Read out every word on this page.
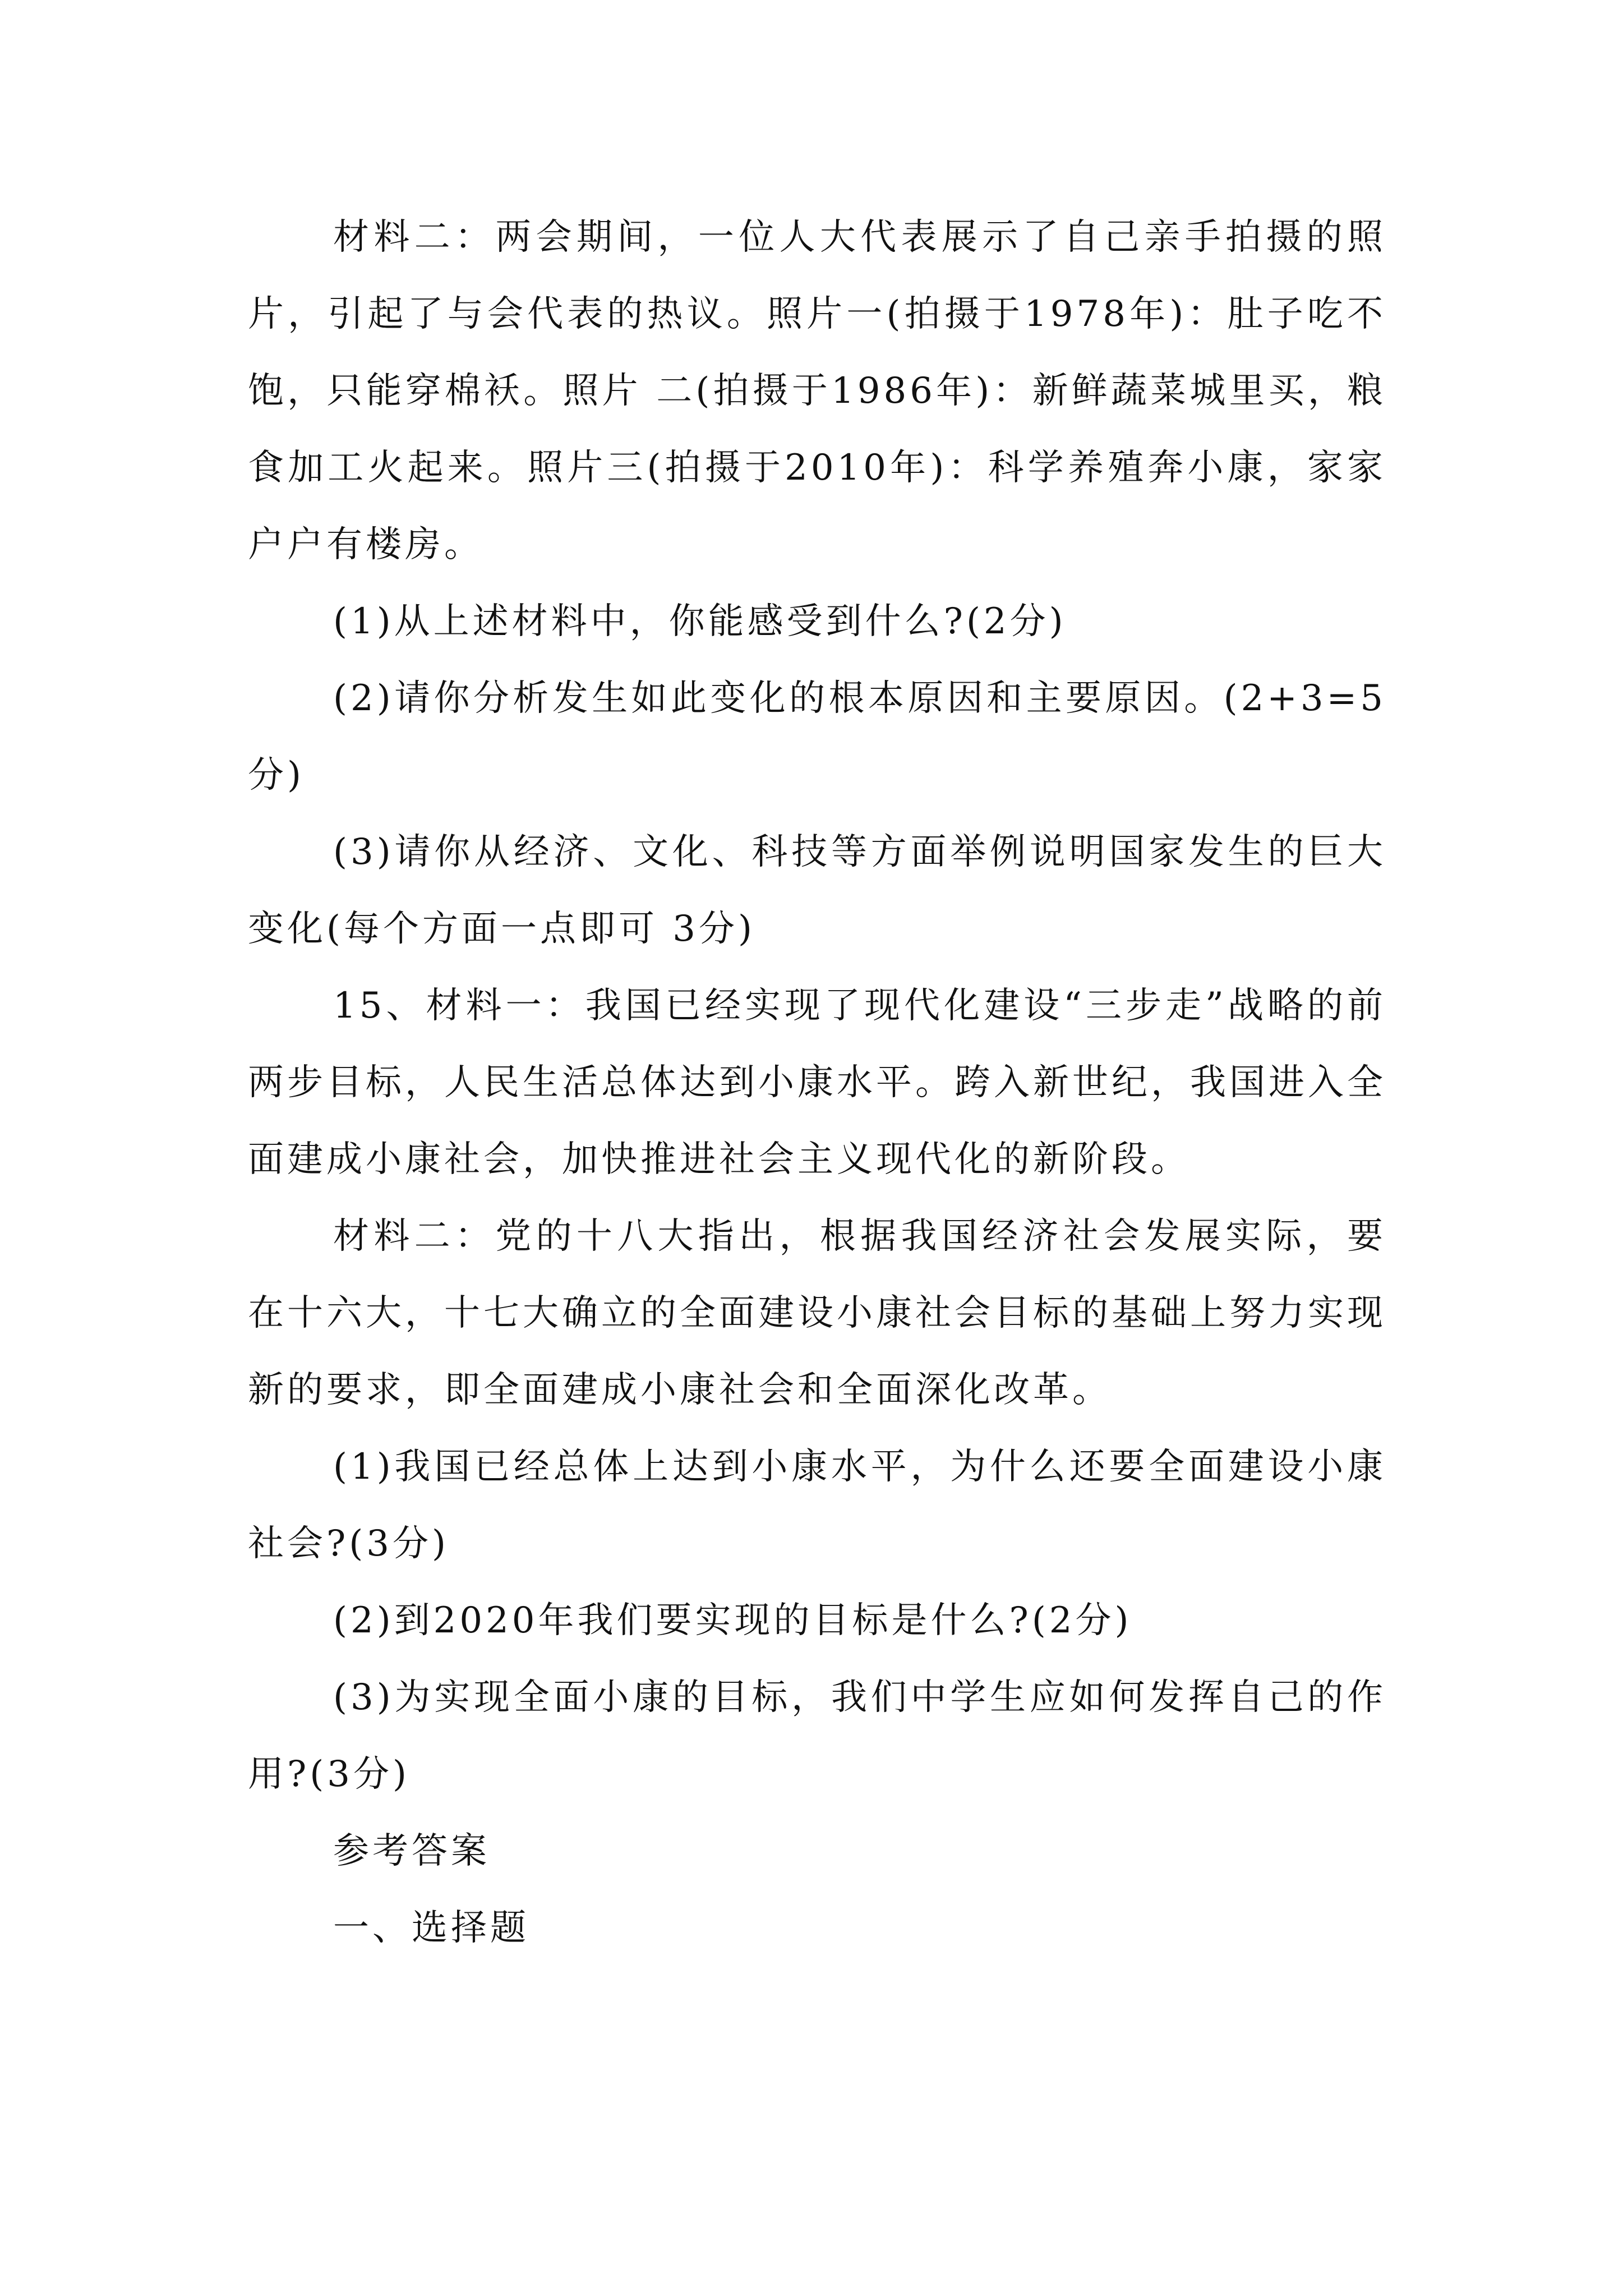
材料二：两会期间，一位人大代表展示了自己亲手拍摄的照片，引起了与会代表的热议。照片一(拍摄于1978年)：肚子吃不饱，只能穿棉袄。照片 二(拍摄于1986年)：新鲜蔬菜城里买，粮食加工火起来。照片三(拍摄于2010年)：科学养殖奔小康，家家户户有楼房。

(1)从上述材料中，你能感受到什么?(2分)

(2)请你分析发生如此变化的根本原因和主要原因。(2+3=5分)

(3)请你从经济、文化、科技等方面举例说明国家发生的巨大变化(每个方面一点即可 3分)

15、材料一：我国已经实现了现代化建设“三步走”战略的前两步目标，人民生活总体达到小康水平。跨入新世纪，我国进入全面建成小康社会，加快推进社会主义现代化的新阶段。

材料二：党的十八大指出，根据我国经济社会发展实际，要在十六大，十七大确立的全面建设小康社会目标的基础上努力实现新的要求，即全面建成小康社会和全面深化改革。

(1)我国已经总体上达到小康水平，为什么还要全面建设小康社会?(3分)

(2)到2020年我们要实现的目标是什么?(2分)

(3)为实现全面小康的目标，我们中学生应如何发挥自己的作用?(3分)

参考答案

一、选择题
